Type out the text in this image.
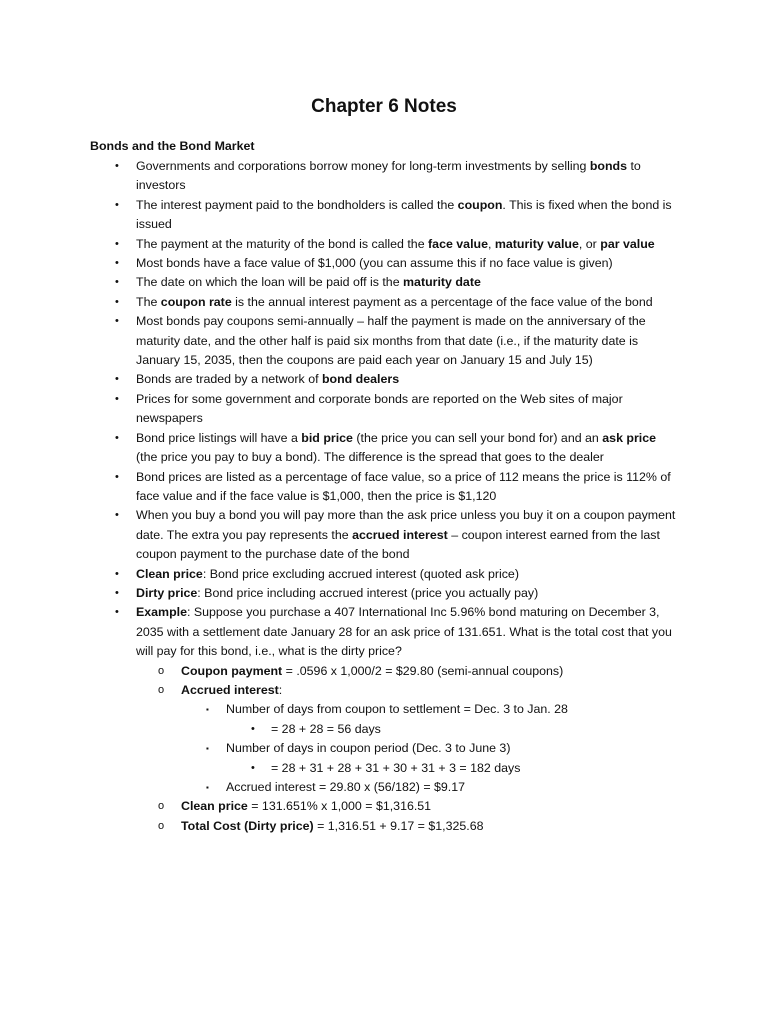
Chapter 6 Notes
Bonds and the Bond Market
• Governments and corporations borrow money for long-term investments by selling bonds to investors
• The interest payment paid to the bondholders is called the coupon. This is fixed when the bond is issued
• The payment at the maturity of the bond is called the face value, maturity value, or par value
• Most bonds have a face value of $1,000 (you can assume this if no face value is given)
• The date on which the loan will be paid off is the maturity date
• The coupon rate is the annual interest payment as a percentage of the face value of the bond
• Most bonds pay coupons semi-annually – half the payment is made on the anniversary of the maturity date, and the other half is paid six months from that date (i.e., if the maturity date is January 15, 2035, then the coupons are paid each year on January 15 and July 15)
• Bonds are traded by a network of bond dealers
• Prices for some government and corporate bonds are reported on the Web sites of major newspapers
• Bond price listings will have a bid price (the price you can sell your bond for) and an ask price (the price you pay to buy a bond). The difference is the spread that goes to the dealer
• Bond prices are listed as a percentage of face value, so a price of 112 means the price is 112% of face value and if the face value is $1,000, then the price is $1,120
• When you buy a bond you will pay more than the ask price unless you buy it on a coupon payment date. The extra you pay represents the accrued interest – coupon interest earned from the last coupon payment to the purchase date of the bond
• Clean price: Bond price excluding accrued interest (quoted ask price)
• Dirty price: Bond price including accrued interest (price you actually pay)
• Example: Suppose you purchase a 407 International Inc 5.96% bond maturing on December 3, 2035 with a settlement date January 28 for an ask price of 131.651. What is the total cost that you will pay for this bond, i.e., what is the dirty price?
o Coupon payment = .0596 x 1,000/2 = $29.80 (semi-annual coupons)
o Accrued interest:
▪ Number of days from coupon to settlement = Dec. 3 to Jan. 28
• = 28 + 28 = 56 days
▪ Number of days in coupon period (Dec. 3 to June 3)
• = 28 + 31 + 28 + 31 + 30 + 31 + 3 = 182 days
▪ Accrued interest = 29.80 x (56/182) = $9.17
o Clean price = 131.651% x 1,000 = $1,316.51
o Total Cost (Dirty price) = 1,316.51 + 9.17 = $1,325.68
